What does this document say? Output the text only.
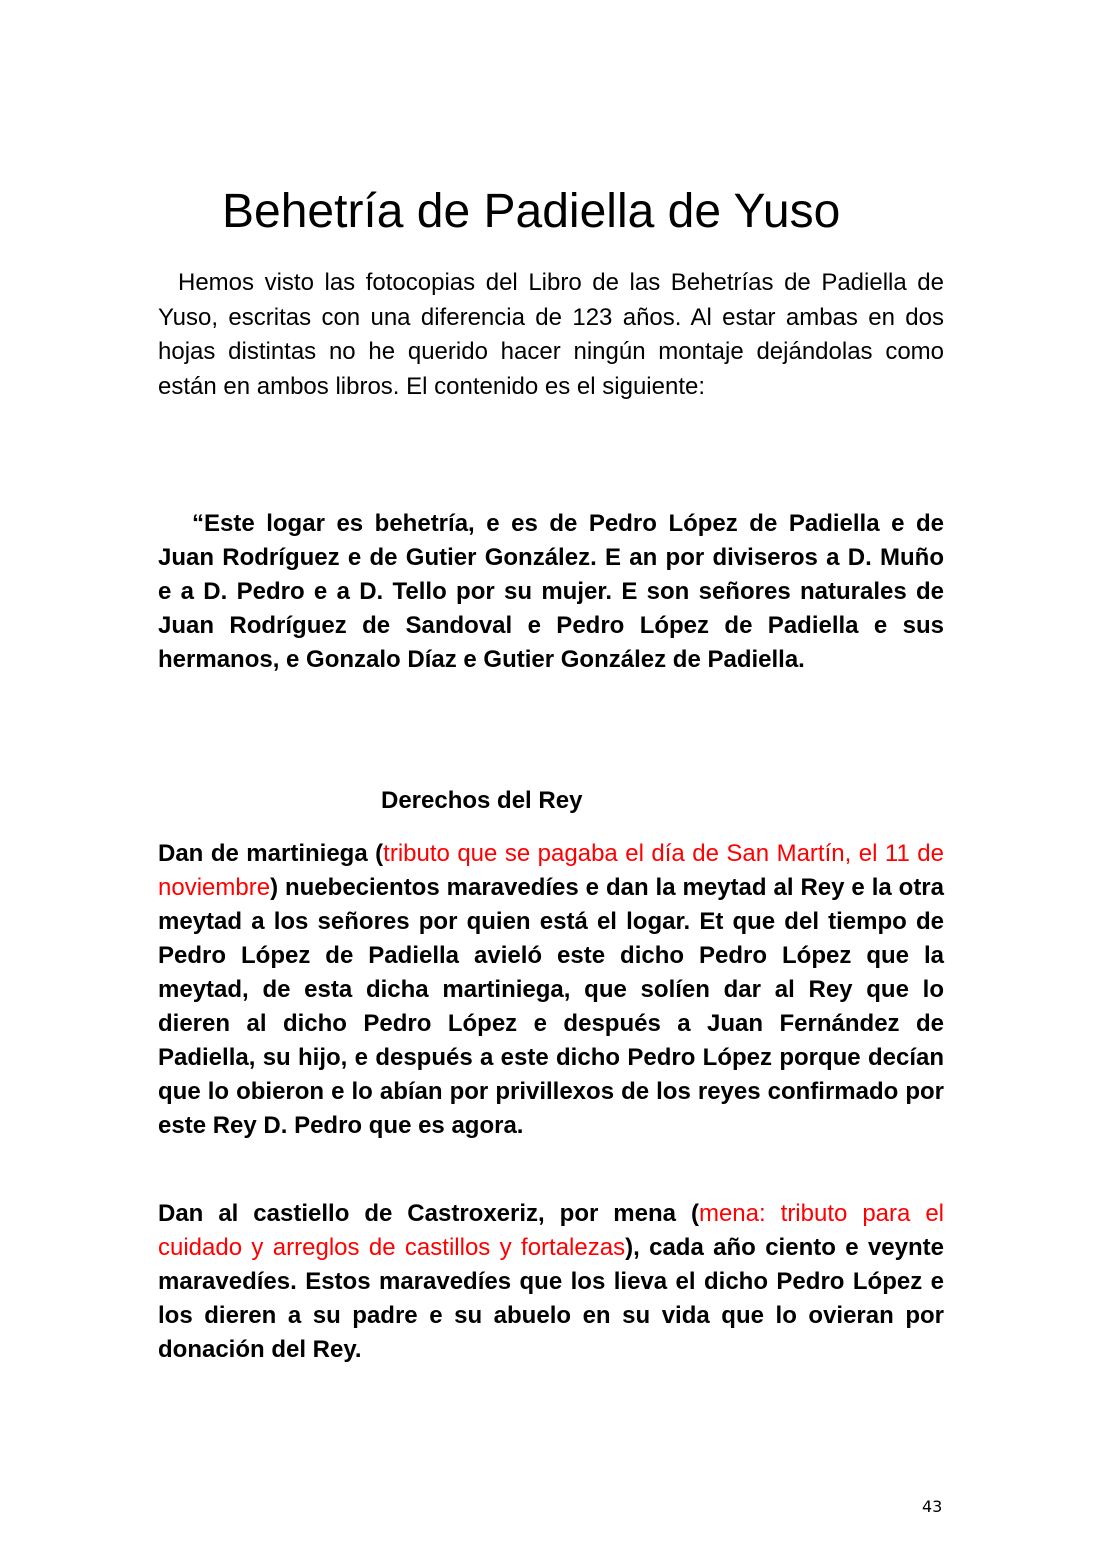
Behetría de Padiella de Yuso

Hemos visto las fotocopias del Libro de las Behetrías de Padiella de Yuso, escritas con una diferencia de 123 años. Al estar ambas en dos hojas distintas no he querido hacer ningún montaje dejándolas como están en ambos libros. El contenido es el siguiente:

“Este logar es behetría, e es de Pedro López de Padiella e de Juan Rodríguez e de Gutier González. E an por diviseros a D. Muño e a D. Pedro e a D. Tello por su mujer. E son señores naturales de Juan Rodríguez de Sandoval e Pedro López de Padiella e sus hermanos, e Gonzalo Díaz e Gutier González de Padiella.

Derechos del Rey

Dan de martiniega (tributo que se pagaba el día de San Martín, el 11 de noviembre) nuebecientos maravedíes e dan la meytad al Rey e la otra meytad a los señores por quien está el logar. Et que del tiempo de Pedro López de Padiella avieló este dicho Pedro López que la meytad, de esta dicha martiniega, que solíen dar al Rey que lo dieren al dicho Pedro López e después a Juan Fernández de Padiella, su hijo, e después a este dicho Pedro López porque decían que lo obieron e lo abían por privillexos de los reyes confirmado por este Rey D. Pedro que es agora.

Dan al castiello de Castroxeriz, por mena (mena: tributo para el cuidado y arreglos de castillos y fortalezas), cada año ciento e veynte maravedíes. Estos maravedíes que los lieva el dicho Pedro López e los dieren a su padre e su abuelo en su vida que lo ovieran por donación del Rey.

43
